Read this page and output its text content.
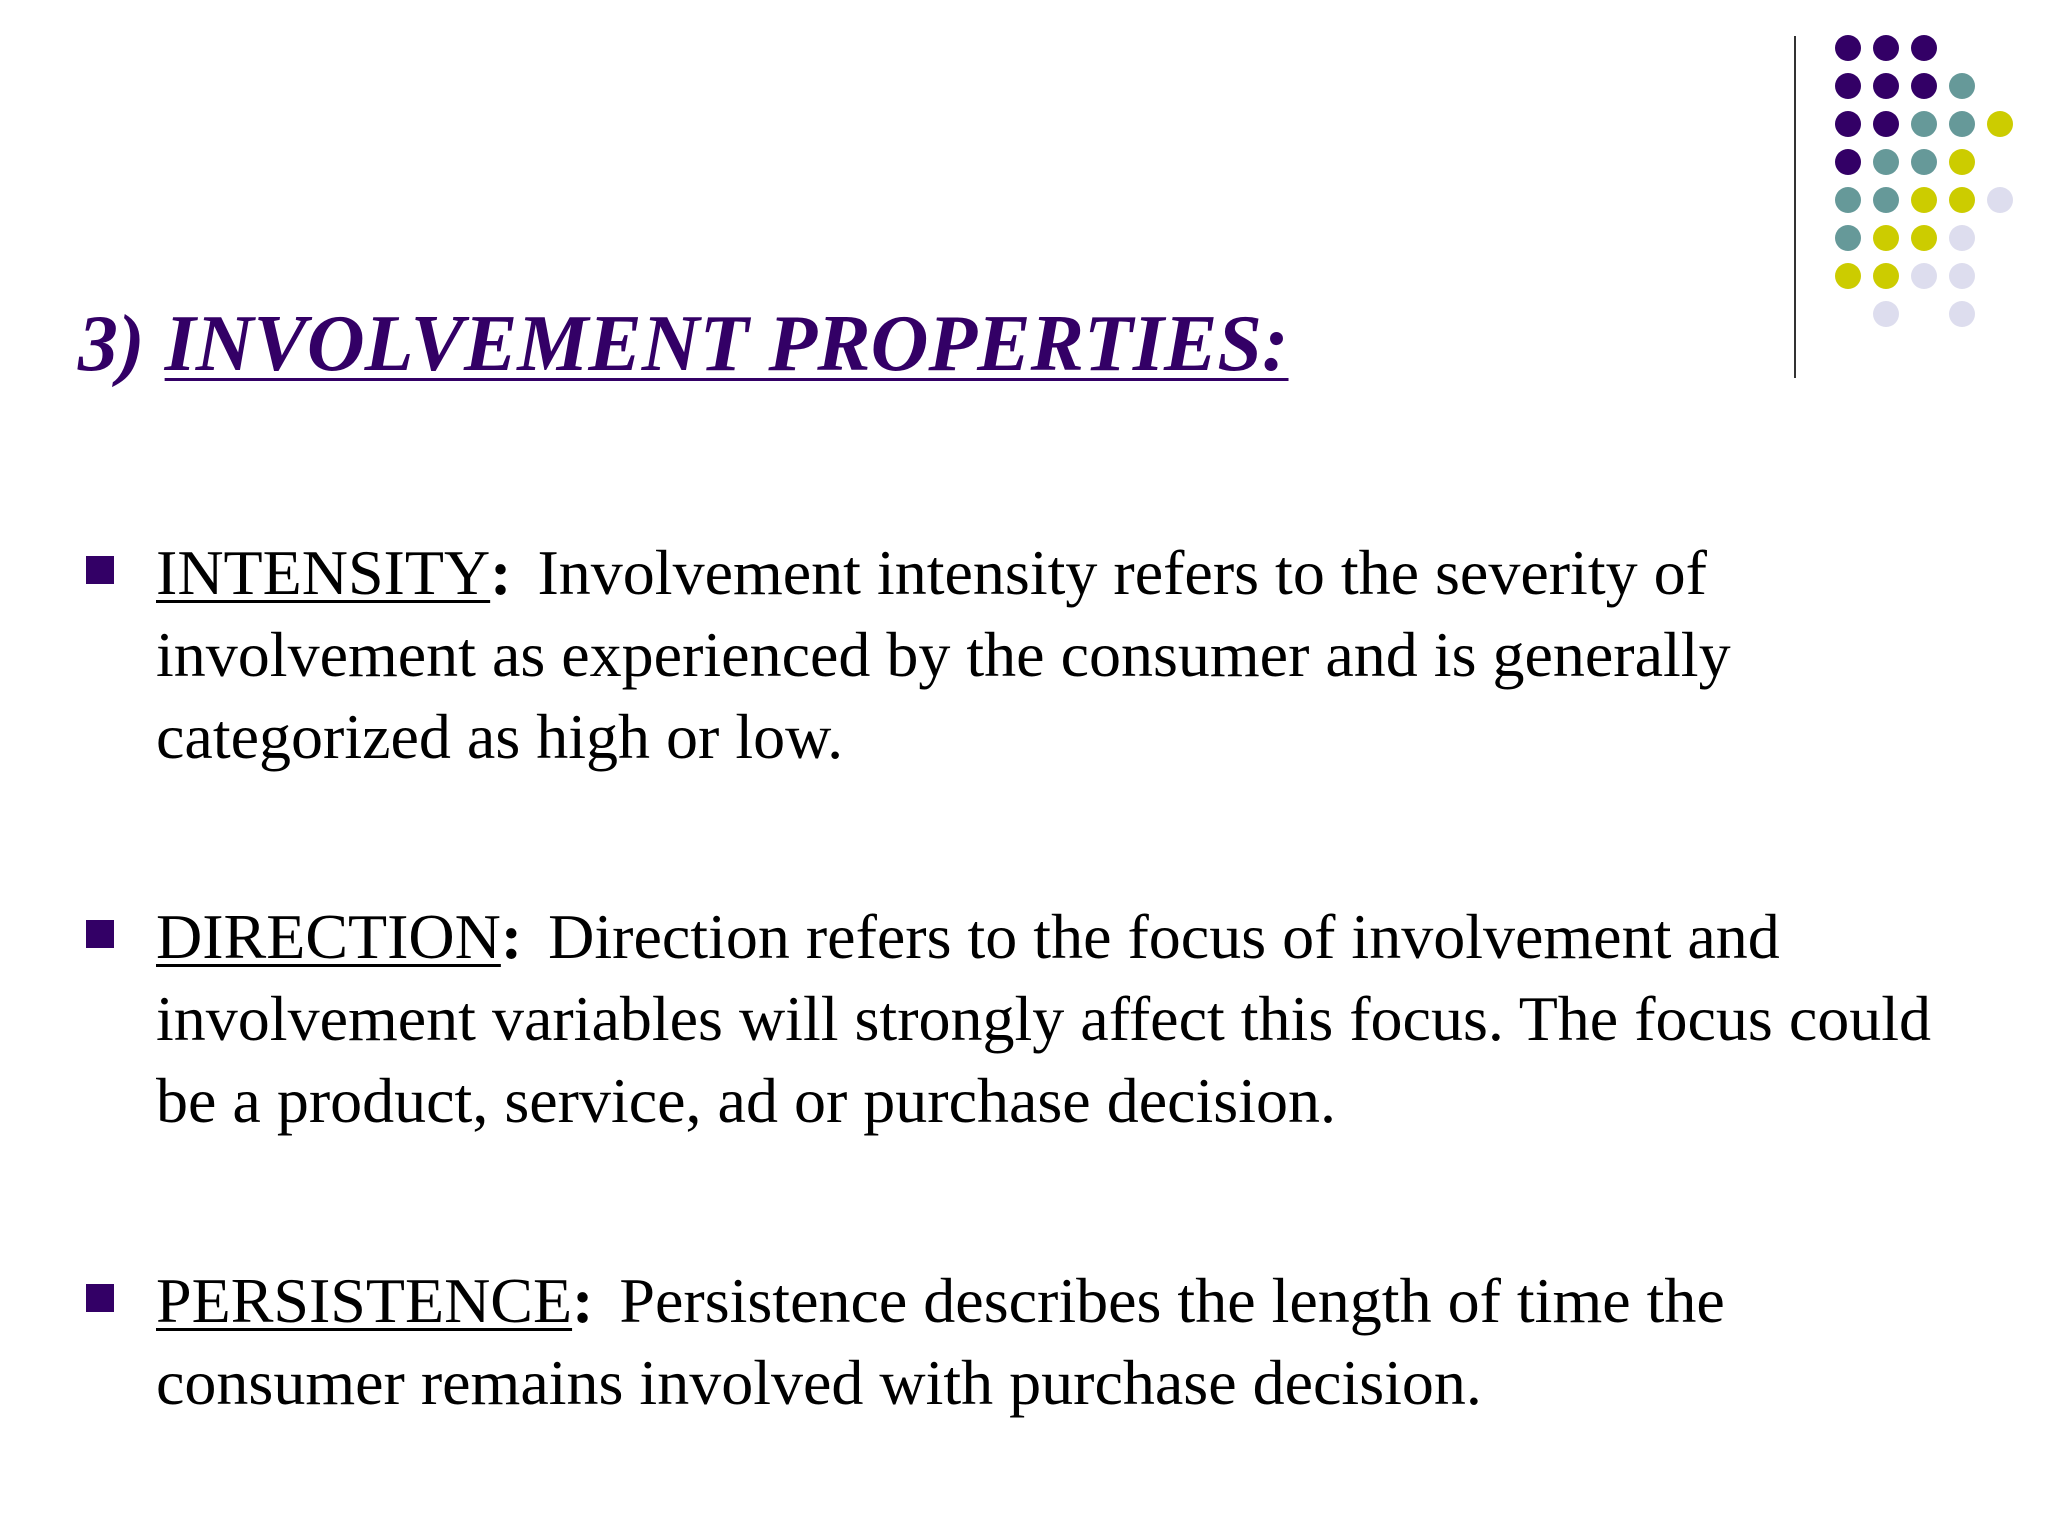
3) INVOLVEMENT PROPERTIES:
INTENSITY: Involvement intensity refers to the severity of involvement as experienced by the consumer and is generally categorized as high or low.
DIRECTION: Direction refers to the focus of involvement and involvement variables will strongly affect this focus. The focus could be a product, service, ad or purchase decision.
PERSISTENCE: Persistence describes the length of time the consumer remains involved with purchase decision.
